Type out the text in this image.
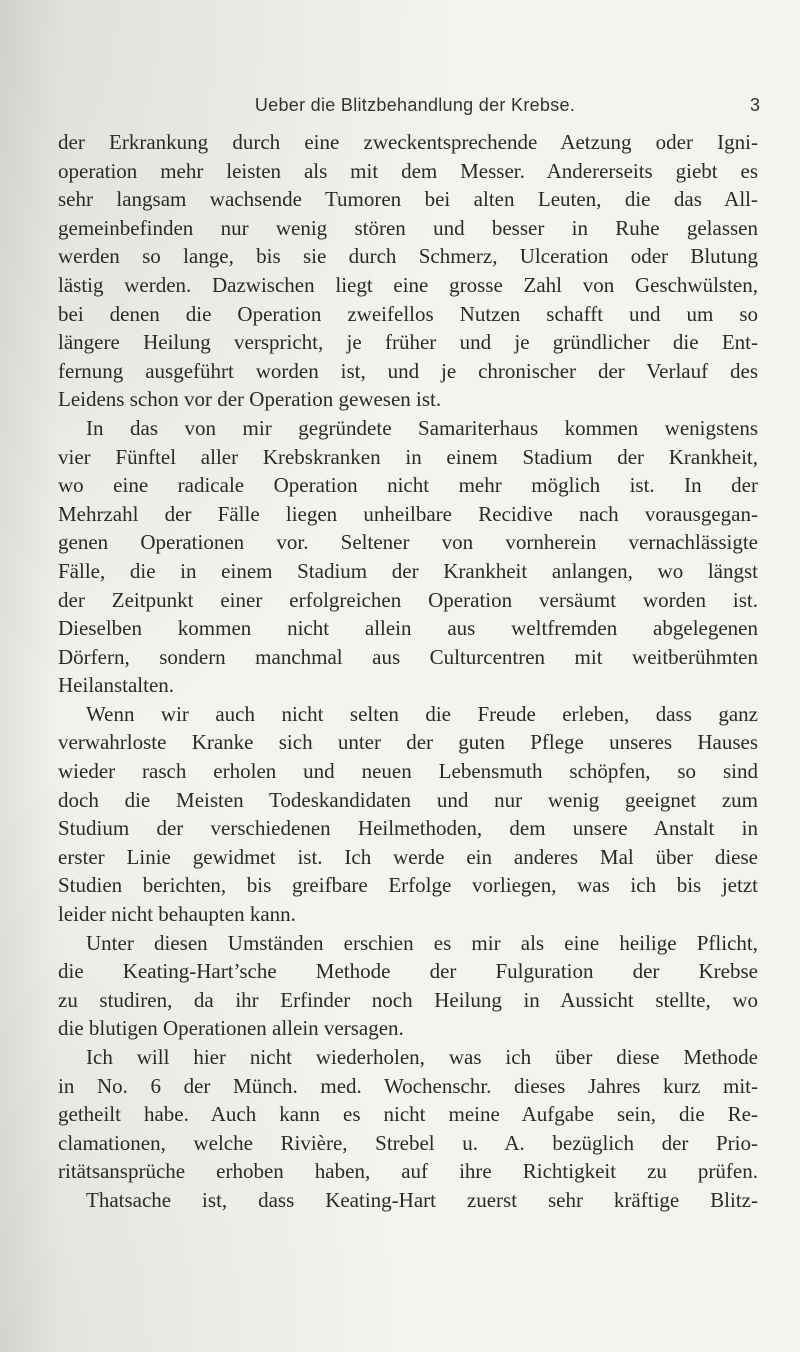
Ueber die Blitzbehandlung der Krebse.	3
der Erkrankung durch eine zweckentsprechende Aetzung oder Igni-
operation mehr leisten als mit dem Messer. Andererseits giebt es
sehr langsam wachsende Tumoren bei alten Leuten, die das All-
gemeinbefinden nur wenig stören und besser in Ruhe gelassen
werden so lange, bis sie durch Schmerz, Ulceration oder Blutung
lästig werden. Dazwischen liegt eine grosse Zahl von Geschwülsten,
bei denen die Operation zweifellos Nutzen schafft und um so
längere Heilung verspricht, je früher und je gründlicher die Ent-
fernung ausgeführt worden ist, und je chronischer der Verlauf des
Leidens schon vor der Operation gewesen ist.
In das von mir gegründete Samariterhaus kommen wenigstens
vier Fünftel aller Krebskranken in einem Stadium der Krankheit,
wo eine radicale Operation nicht mehr möglich ist. In der
Mehrzahl der Fälle liegen unheilbare Recidive nach vorausgegan-
genen Operationen vor. Seltener von vornherein vernachlässigte
Fälle, die in einem Stadium der Krankheit anlangen, wo längst
der Zeitpunkt einer erfolgreichen Operation versäumt worden ist.
Dieselben kommen nicht allein aus weltfremden abgelegenen
Dörfern, sondern manchmal aus Culturcentren mit weitberühmten
Heilanstalten.
Wenn wir auch nicht selten die Freude erleben, dass ganz
verwahrloste Kranke sich unter der guten Pflege unseres Hauses
wieder rasch erholen und neuen Lebensmuth schöpfen, so sind
doch die Meisten Todeskandidaten und nur wenig geeignet zum
Studium der verschiedenen Heilmethoden, dem unsere Anstalt in
erster Linie gewidmet ist. Ich werde ein anderes Mal über diese
Studien berichten, bis greifbare Erfolge vorliegen, was ich bis jetzt
leider nicht behaupten kann.
Unter diesen Umständen erschien es mir als eine heilige Pflicht,
die Keating-Hart’sche Methode der Fulguration der Krebse
zu studiren, da ihr Erfinder noch Heilung in Aussicht stellte, wo
die blutigen Operationen allein versagen.
Ich will hier nicht wiederholen, was ich über diese Methode
in No. 6 der Münch. med. Wochenschr. dieses Jahres kurz mit-
getheilt habe. Auch kann es nicht meine Aufgabe sein, die Re-
clamationen, welche Rivière, Strebel u. A. bezüglich der Prio-
ritätsansprüche erhoben haben, auf ihre Richtigkeit zu prüfen.
Thatsache ist, dass Keating-Hart zuerst sehr kräftige Blitz-
